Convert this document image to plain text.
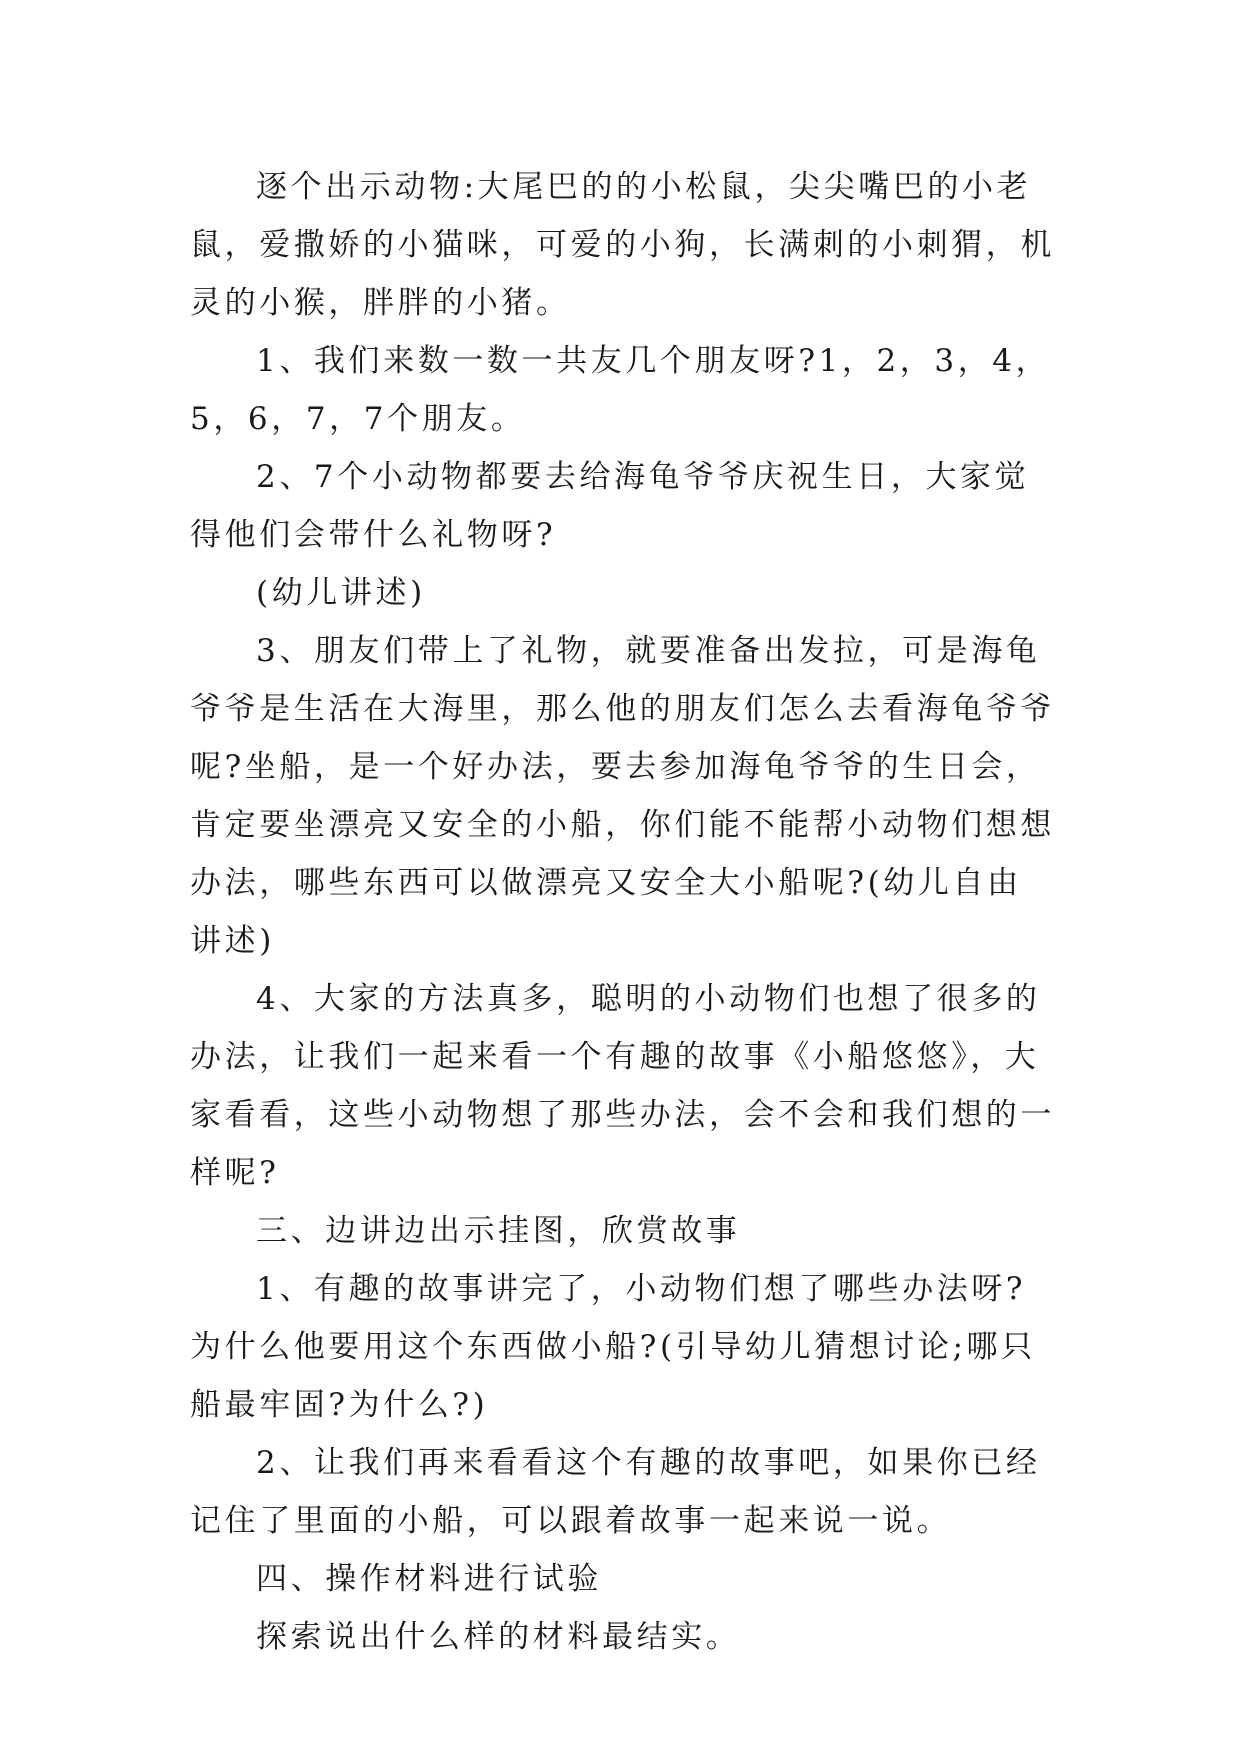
逐个出示动物:大尾巴的的小松鼠，尖尖嘴巴的小老鼠，爱撒娇的小猫咪，可爱的小狗，长满刺的小刺猬，机灵的小猴，胖胖的小猪。

1、我们来数一数一共友几个朋友呀?1，2，3，4，5，6，7，7个朋友。

2、7个小动物都要去给海龟爷爷庆祝生日，大家觉得他们会带什么礼物呀?

(幼儿讲述)

3、朋友们带上了礼物，就要准备出发拉，可是海龟爷爷是生活在大海里，那么他的朋友们怎么去看海龟爷爷呢?坐船，是一个好办法，要去参加海龟爷爷的生日会，肯定要坐漂亮又安全的小船，你们能不能帮小动物们想想办法，哪些东西可以做漂亮又安全大小船呢?(幼儿自由讲述)

4、大家的方法真多，聪明的小动物们也想了很多的办法，让我们一起来看一个有趣的故事《小船悠悠》，大家看看，这些小动物想了那些办法，会不会和我们想的一样呢?

三、边讲边出示挂图，欣赏故事

1、有趣的故事讲完了，小动物们想了哪些办法呀?为什么他要用这个东西做小船?(引导幼儿猜想讨论;哪只船最牢固?为什么?)

2、让我们再来看看这个有趣的故事吧，如果你已经记住了里面的小船，可以跟着故事一起来说一说。

四、操作材料进行试验

探索说出什么样的材料最结实。
